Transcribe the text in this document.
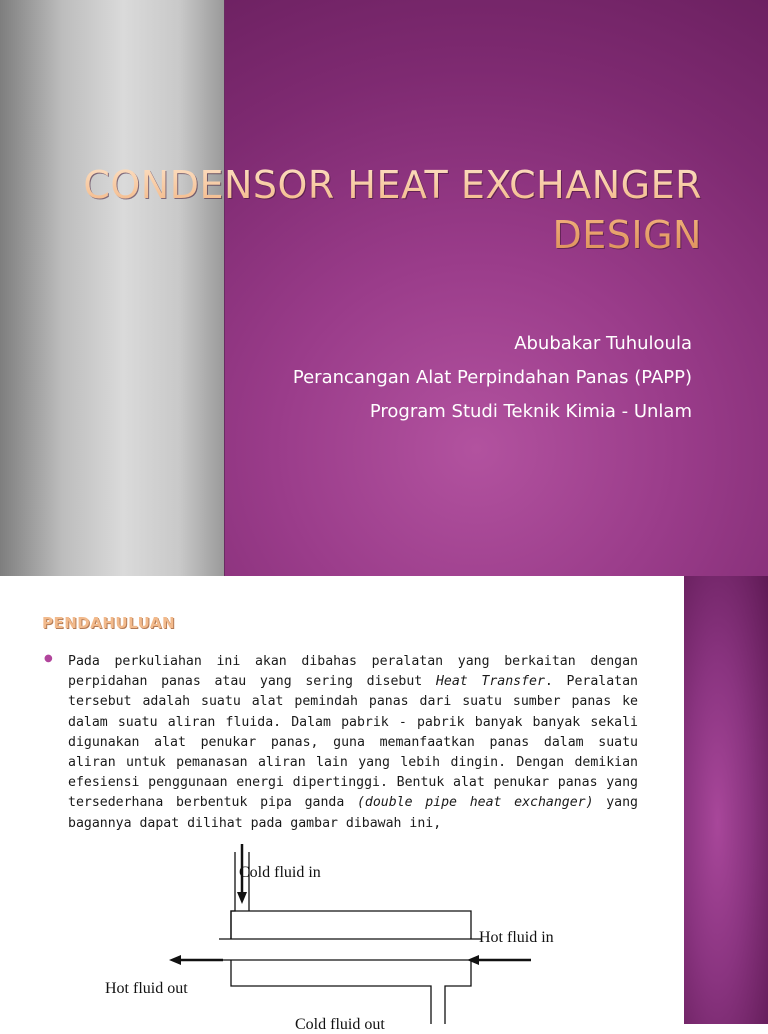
CONDENSOR HEAT EXCHANGER
DESIGN
Abubakar Tuhuloula
Perancangan Alat Perpindahan Panas (PAPP)
Program Studi Teknik Kimia - Unlam
PENDAHULUAN
● Pada perkuliahan ini akan dibahas peralatan yang berkaitan dengan perpidahan panas atau yang sering disebut Heat Transfer. Peralatan tersebut adalah suatu alat pemindah panas dari suatu sumber panas ke dalam suatu aliran fluida. Dalam pabrik - pabrik banyak banyak sekali digunakan alat penukar panas, guna memanfaatkan panas dalam suatu aliran untuk pemanasan aliran lain yang lebih dingin. Dengan demikian efesiensi penggunaan energi dipertinggi. Bentuk alat penukar panas yang tersederhana berbentuk pipa ganda (double pipe heat exchanger) yang bagannya dapat dilihat pada gambar dibawah ini,

Cold fluid in
Hot fluid in
Hot fluid out
Cold fluid out
